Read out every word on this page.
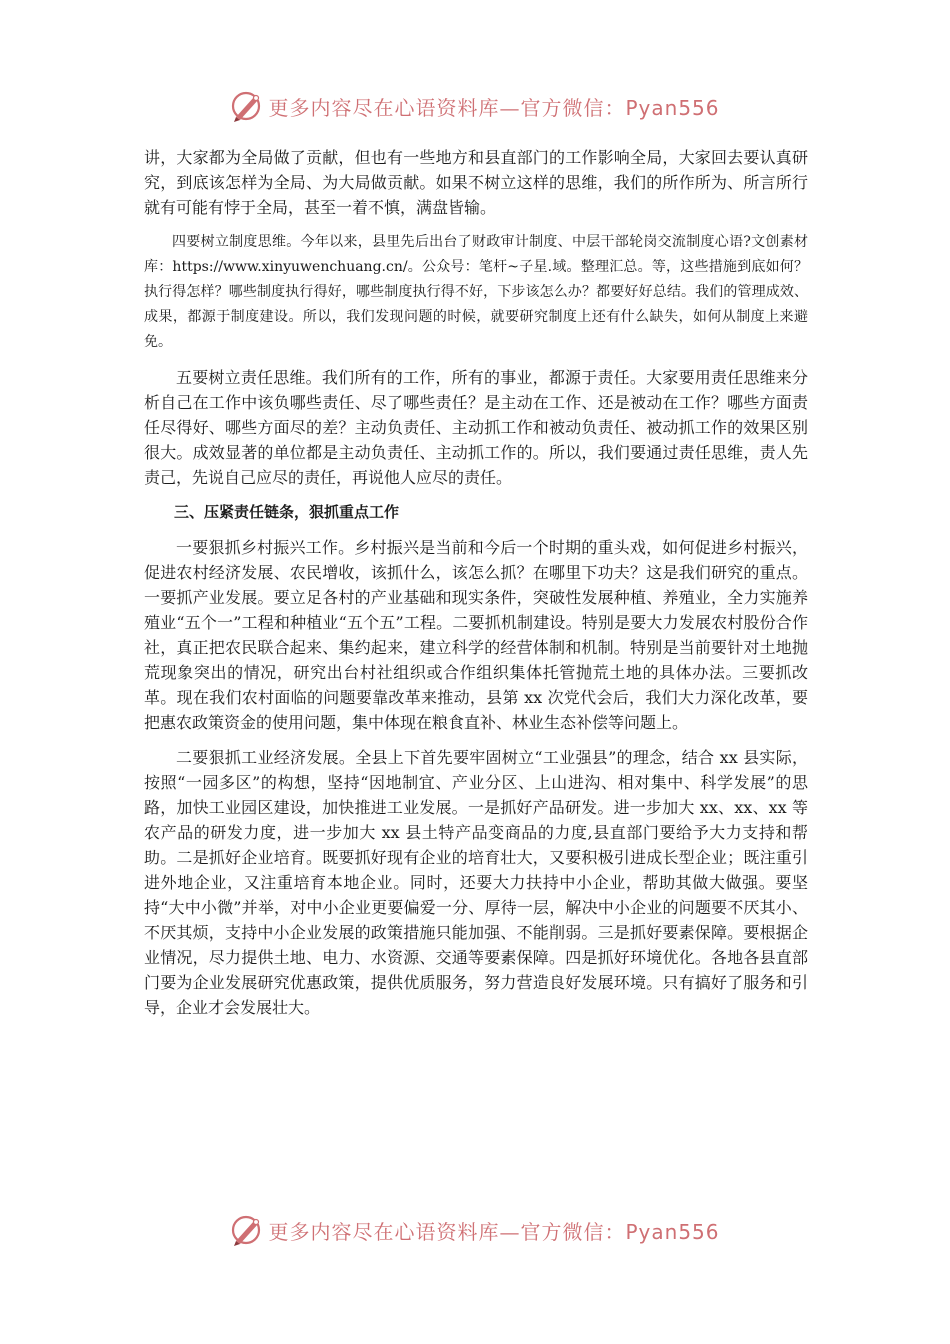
更多内容尽在心语资料库—官方微信：Pyan556

讲，大家都为全局做了贡献，但也有一些地方和县直部门的工作影响全局，大家回去要认真研究，到底该怎样为全局、为大局做贡献。如果不树立这样的思维，我们的所作所为、所言所行就有可能有悖于全局，甚至一着不慎，满盘皆输。

四要树立制度思维。今年以来，县里先后出台了财政审计制度、中层干部轮岗交流制度心语?文创素材库：https://www.xinyuwenchuang.cn/。公众号：笔杆~子星.域。整理汇总。等，这些措施到底如何？执行得怎样？哪些制度执行得好，哪些制度执行得不好，下步该怎么办？都要好好总结。我们的管理成效、成果，都源于制度建设。所以，我们发现问题的时候，就要研究制度上还有什么缺失，如何从制度上来避免。

五要树立责任思维。我们所有的工作，所有的事业，都源于责任。大家要用责任思维来分析自己在工作中该负哪些责任、尽了哪些责任？是主动在工作、还是被动在工作？哪些方面责任尽得好、哪些方面尽的差？主动负责任、主动抓工作和被动负责任、被动抓工作的效果区别很大。成效显著的单位都是主动负责任、主动抓工作的。所以，我们要通过责任思维，责人先责己，先说自己应尽的责任，再说他人应尽的责任。

三、压紧责任链条，狠抓重点工作

一要狠抓乡村振兴工作。乡村振兴是当前和今后一个时期的重头戏，如何促进乡村振兴，促进农村经济发展、农民增收，该抓什么，该怎么抓？在哪里下功夫？这是我们研究的重点。一要抓产业发展。要立足各村的产业基础和现实条件，突破性发展种植、养殖业，全力实施养殖业“五个一”工程和种植业“五个五”工程。二要抓机制建设。特别是要大力发展农村股份合作社，真正把农民联合起来、集约起来，建立科学的经营体制和机制。特别是当前要针对土地抛荒现象突出的情况，研究出台村社组织或合作组织集体托管抛荒土地的具体办法。三要抓改革。现在我们农村面临的问题要靠改革来推动，县第 xx 次党代会后，我们大力深化改革，要把惠农政策资金的使用问题，集中体现在粮食直补、林业生态补偿等问题上。

二要狠抓工业经济发展。全县上下首先要牢固树立“工业强县”的理念，结合 xx 县实际，按照“一园多区”的构想，坚持“因地制宜、产业分区、上山进沟、相对集中、科学发展”的思路，加快工业园区建设，加快推进工业发展。一是抓好产品研发。进一步加大 xx、xx、xx 等农产品的研发力度，进一步加大 xx 县土特产品变商品的力度,县直部门要给予大力支持和帮助。二是抓好企业培育。既要抓好现有企业的培育壮大，又要积极引进成长型企业；既注重引进外地企业，又注重培育本地企业。同时，还要大力扶持中小企业，帮助其做大做强。要坚持“大中小微”并举，对中小企业更要偏爱一分、厚待一层，解决中小企业的问题要不厌其小、不厌其烦，支持中小企业发展的政策措施只能加强、不能削弱。三是抓好要素保障。要根据企业情况，尽力提供土地、电力、水资源、交通等要素保障。四是抓好环境优化。各地各县直部门要为企业发展研究优惠政策，提供优质服务，努力营造良好发展环境。只有搞好了服务和引导，企业才会发展壮大。

更多内容尽在心语资料库—官方微信：Pyan556
